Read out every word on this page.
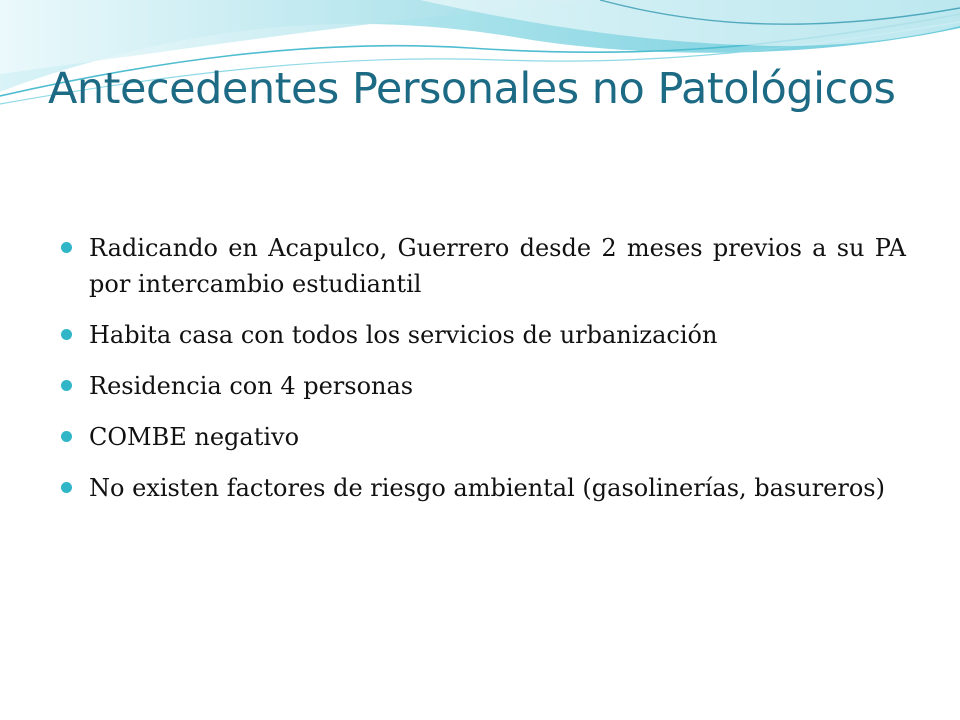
Antecedentes Personales no Patológicos
Radicando en Acapulco, Guerrero desde 2 meses previos a su PA por intercambio estudiantil
Habita casa con todos los servicios de urbanización
Residencia con 4 personas
COMBE negativo
No existen factores de riesgo ambiental (gasolinerías, basureros)
